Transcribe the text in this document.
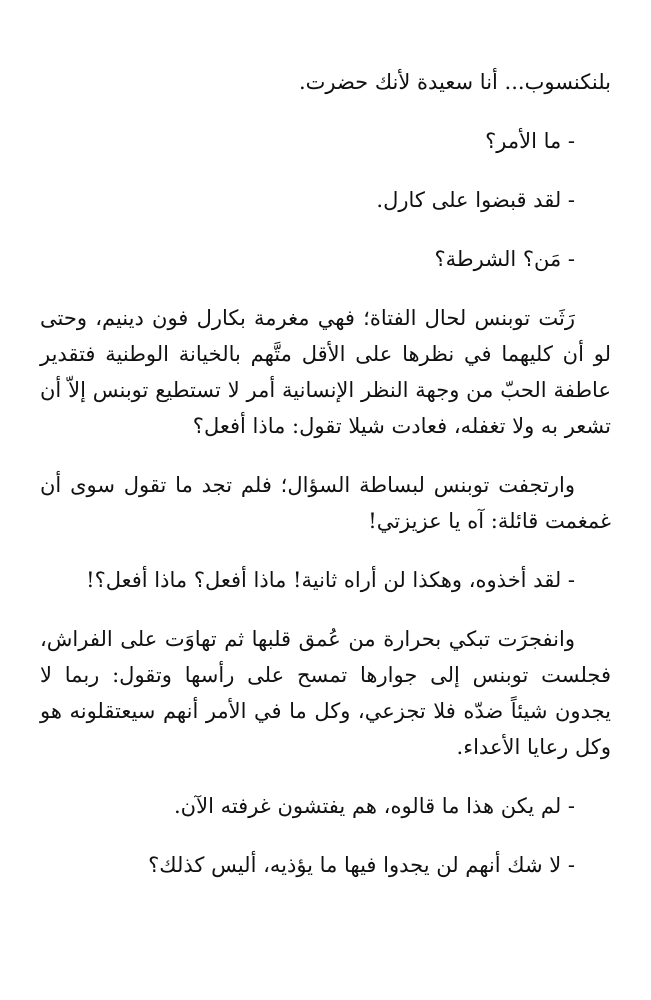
بلنكنسوب... أنا سعيدة لأنك حضرت.

- ما الأمر؟

- لقد قبضوا على كارل.

- مَن؟ الشرطة؟

رَثَت توبنس لحال الفتاة؛ فهي مغرمة بكارل فون دينيم، وحتى لو أن كليهما في نظرها على الأقل متَّهم بالخيانة الوطنية فتقدير عاطفة الحبّ من وجهة النظر الإنسانية أمر لا تستطيع توبنس إلاّ أن تشعر به ولا تغفله، فعادت شيلا تقول: ماذا أفعل؟

وارتجفت توبنس لبساطة السؤال؛ فلم تجد ما تقول سوى أن غمغمت قائلة: آه يا عزيزتي!

- لقد أخذوه، وهكذا لن أراه ثانية! ماذا أفعل؟ ماذا أفعل؟!

وانفجرَت تبكي بحرارة من عُمق قلبها ثم تهاوَت على الفراش، فجلست توبنس إلى جوارها تمسح على رأسها وتقول: ربما لا يجدون شيئاً ضدّه فلا تجزعي، وكل ما في الأمر أنهم سيعتقلونه هو وكل رعايا الأعداء.

- لم يكن هذا ما قالوه، هم يفتشون غرفته الآن.

- لا شك أنهم لن يجدوا فيها ما يؤذيه، أليس كذلك؟
